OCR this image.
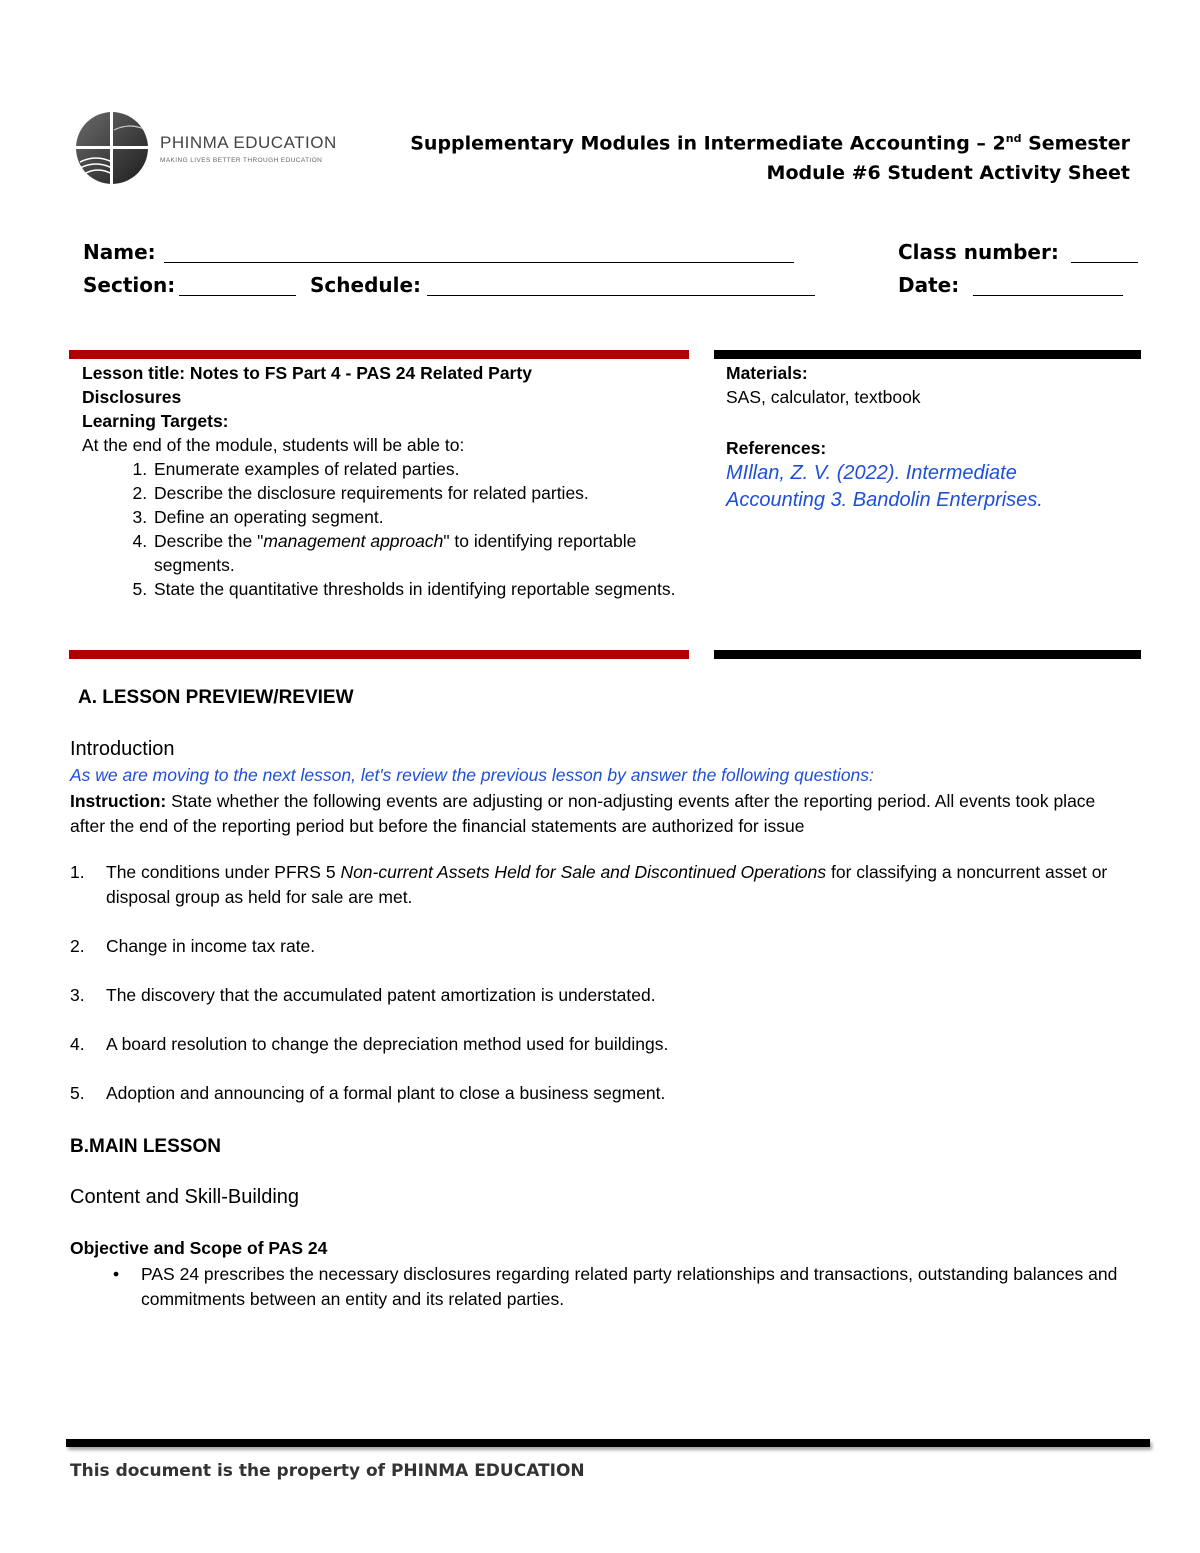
PHINMA EDUCATION
MAKING LIVES BETTER THROUGH EDUCATION
Supplementary Modules in Intermediate Accounting – 2nd Semester
Module #6 Student Activity Sheet
Name:	Class number:
Section:	Schedule:	Date:
Lesson title: Notes to FS Part 4 - PAS 24 Related Party
Disclosures
Learning Targets:
At the end of the module, students will be able to:
1. Enumerate examples of related parties.
2. Describe the disclosure requirements for related parties.
3. Define an operating segment.
4. Describe the "management approach" to identifying reportable segments.
5. State the quantitative thresholds in identifying reportable segments.
Materials:
SAS, calculator, textbook
References:
MIllan, Z. V. (2022). Intermediate
Accounting 3. Bandolin Enterprises.
A. LESSON PREVIEW/REVIEW
Introduction
As we are moving to the next lesson, let's review the previous lesson by answer the following questions:
Instruction: State whether the following events are adjusting or non-adjusting events after the reporting period. All events took place after the end of the reporting period but before the financial statements are authorized for issue
1. The conditions under PFRS 5 Non-current Assets Held for Sale and Discontinued Operations for classifying a noncurrent asset or disposal group as held for sale are met.
2. Change in income tax rate.
3. The discovery that the accumulated patent amortization is understated.
4. A board resolution to change the depreciation method used for buildings.
5. Adoption and announcing of a formal plant to close a business segment.
B.MAIN LESSON
Content and Skill-Building
Objective and Scope of PAS 24
•	PAS 24 prescribes the necessary disclosures regarding related party relationships and transactions, outstanding balances and commitments between an entity and its related parties.
This document is the property of PHINMA EDUCATION
